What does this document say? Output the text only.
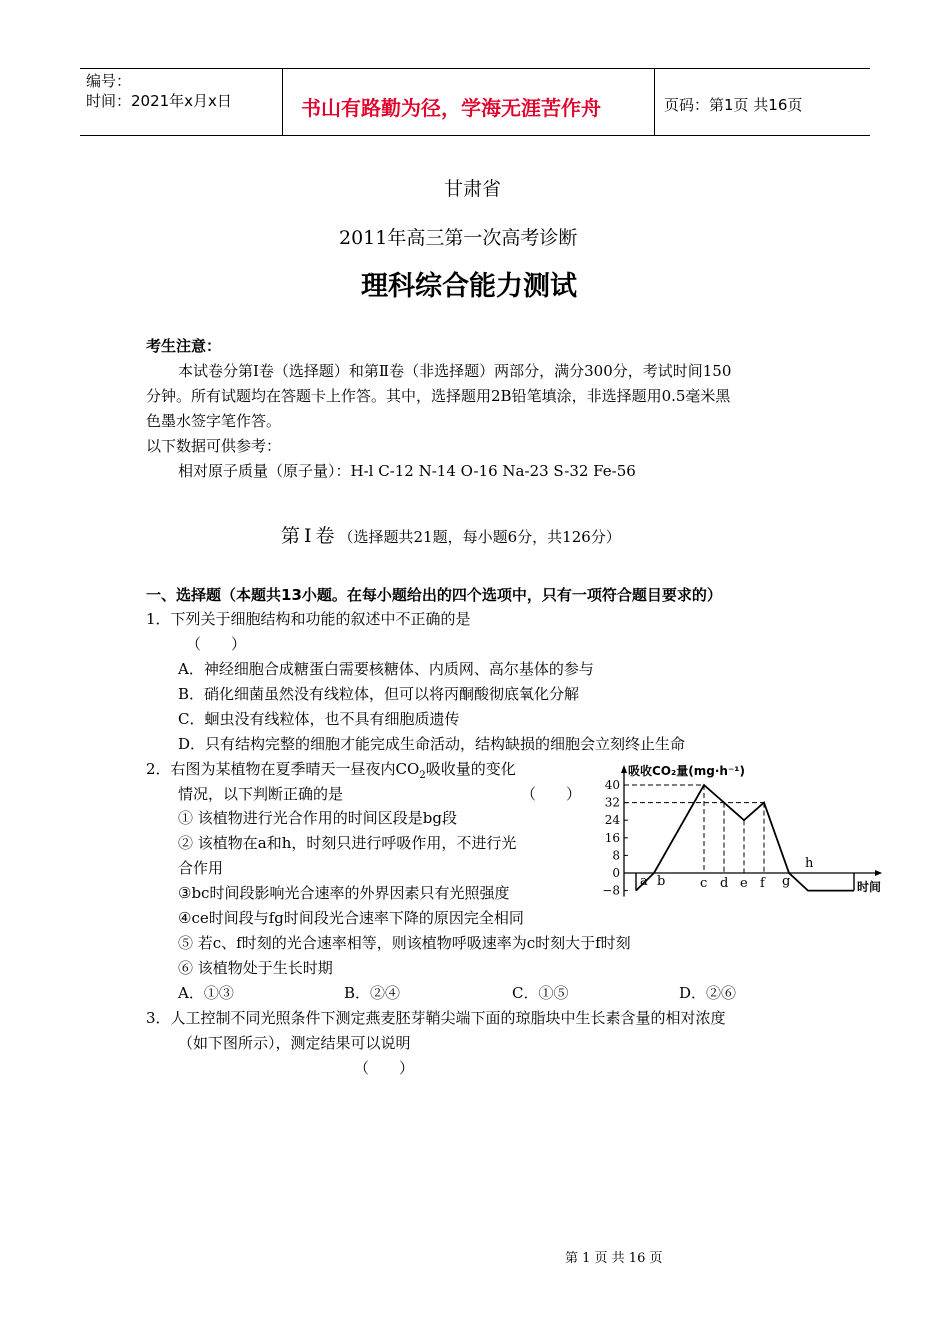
编号：
时间：2021年x月x日	书山有路勤为径，学海无涯苦作舟	页码：第1页 共16页
甘肃省
2011年高三第一次高考诊断
理科综合能力测试
考生注意：
本试卷分第Ⅰ卷（选择题）和第Ⅱ卷（非选择题）两部分，满分300分，考试时间150
分钟。所有试题均在答题卡上作答。其中，选择题用2B铅笔填涂，非选择题用0.5毫米黑
色墨水签字笔作答。
以下数据可供参考：
相对原子质量（原子量）：H-l C-12 N-14 O-16 Na-23 S-32 Fe-56
第Ⅰ卷（选择题共21题，每小题6分，共126分）
一、选择题（本题共13小题。在每小题给出的四个选项中，只有一项符合题目要求的）
1．下列关于细胞结构和功能的叙述中不正确的是
（　　）
A．神经细胞合成糖蛋白需要核糖体、内质网、高尔基体的参与
B．硝化细菌虽然没有线粒体，但可以将丙酮酸彻底氧化分解
C．蛔虫没有线粒体，也不具有细胞质遗传
D．只有结构完整的细胞才能完成生命活动，结构缺损的细胞会立刻终止生命
2．右图为某植物在夏季晴天一昼夜内$CO_2$吸收量的变化
情况，以下判断正确的是	（　　）
① 该植物进行光合作用的时间区段是bg段
② 该植物在a和h，时刻只进行呼吸作用，不进行光
合作用
③bc时间段影响光合速率的外界因素只有光照强度
④ce时间段与fg时间段光合速率下降的原因完全相同
⑤ 若c、f时刻的光合速率相等，则该植物呼吸速率为c时刻大于f时刻
⑥ 该植物处于生长时期
A．①③	B．②④	C．①⑤	D．②⑥
40
32
24
16
8
0
−8
吸收CO₂量(mg·h⁻¹)
时间
a b	c d e f g
h
3．人工控制不同光照条件下测定燕麦胚芽鞘尖端下面的琼脂块中生长素含量的相对浓度
（如下图所示），测定结果可以说明
（　　）
第 1 页 共 16 页
